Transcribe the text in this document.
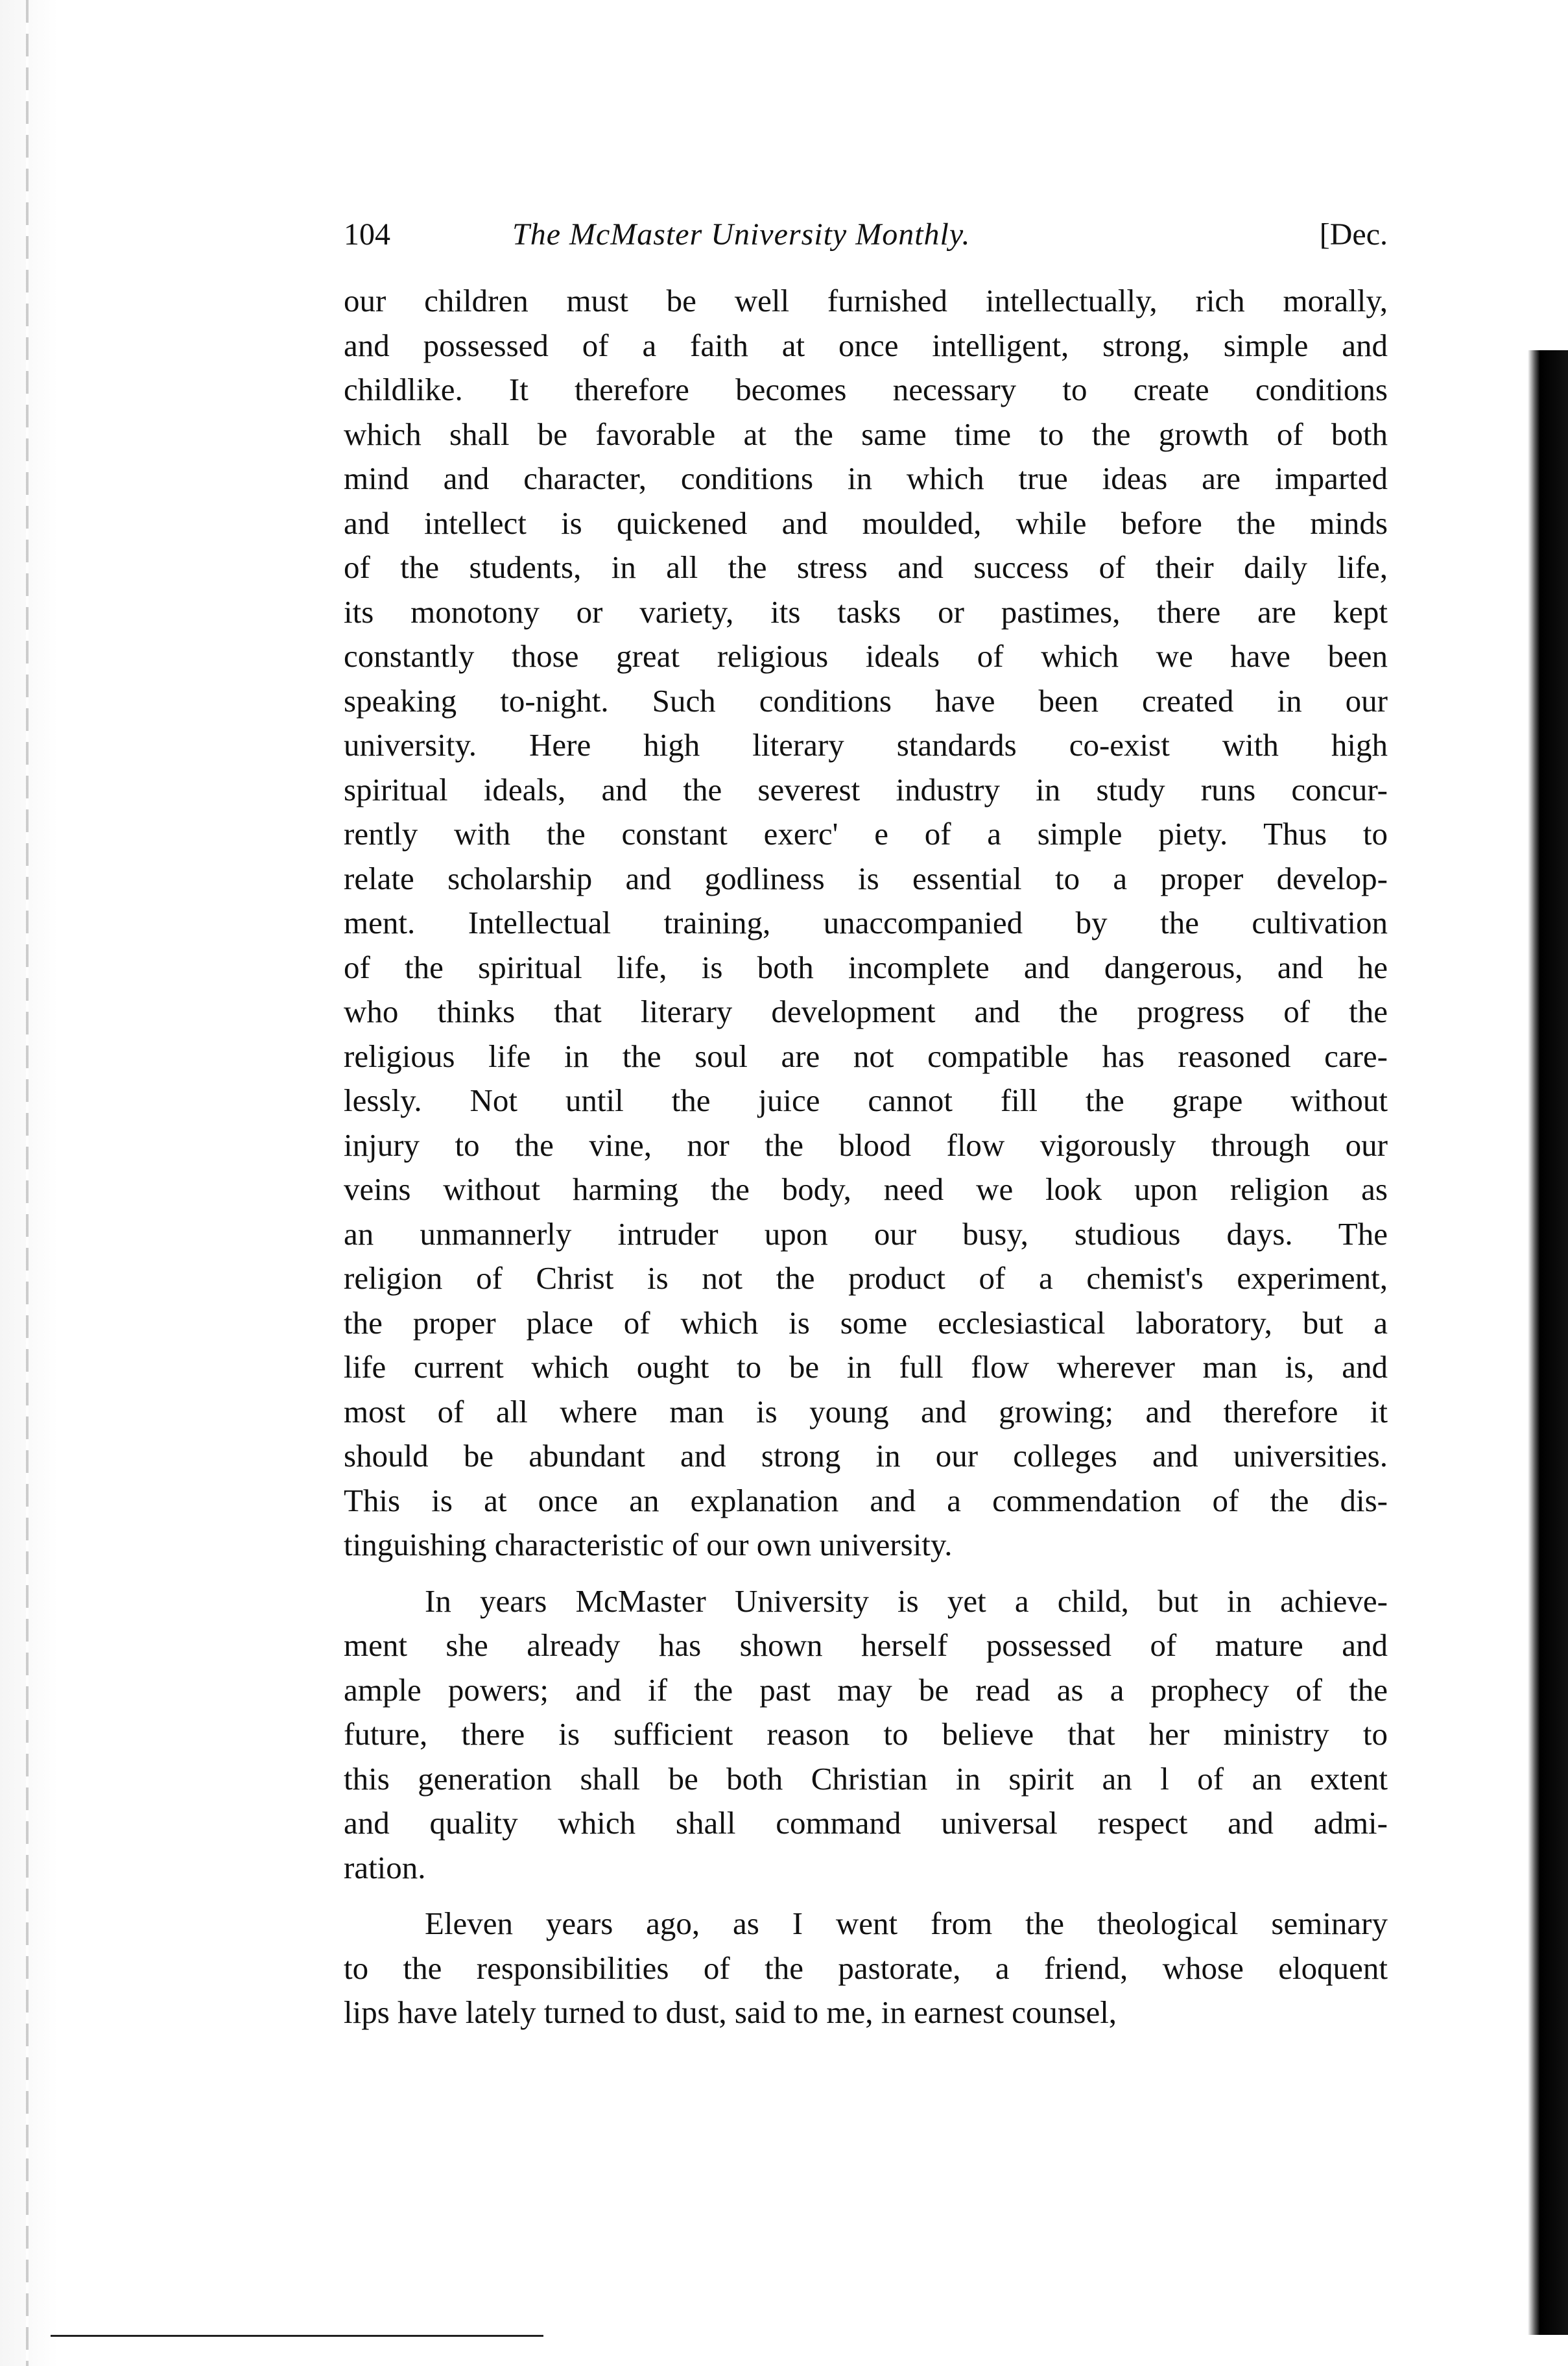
104	The McMaster University Monthly.	[Dec.
our children must be well furnished intellectually, rich morally,
and possessed of a faith at once intelligent, strong, simple and
childlike. It therefore becomes necessary to create conditions
which shall be favorable at the same time to the growth of both
mind and character, conditions in which true ideas are imparted
and intellect is quickened and moulded, while before the minds
of the students, in all the stress and success of their daily life,
its monotony or variety, its tasks or pastimes, there are kept
constantly those great religious ideals of which we have been
speaking to-night. Such conditions have been created in our
university. Here high literary standards co-exist with high
spiritual ideals, and the severest industry in study runs concur-
rently with the constant exerc' e of a simple piety. Thus to
relate scholarship and godliness is essential to a proper develop-
ment. Intellectual training, unaccompanied by the cultivation
of the spiritual life, is both incomplete and dangerous, and he
who thinks that literary development and the progress of the
religious life in the soul are not compatible has reasoned care-
lessly. Not until the juice cannot fill the grape without
injury to the vine, nor the blood flow vigorously through our
veins without harming the body, need we look upon religion as
an unmannerly intruder upon our busy, studious days. The
religion of Christ is not the product of a chemist's experiment,
the proper place of which is some ecclesiastical laboratory, but a
life current which ought to be in full flow wherever man is, and
most of all where man is young and growing; and therefore it
should be abundant and strong in our colleges and universities.
This is at once an explanation and a commendation of the dis-
tinguishing characteristic of our own university.
In years McMaster University is yet a child, but in achieve-
ment she already has shown herself possessed of mature and
ample powers; and if the past may be read as a prophecy of the
future, there is sufficient reason to believe that her ministry to
this generation shall be both Christian in spirit an l of an extent
and quality which shall command universal respect and admi-
ration.
Eleven years ago, as I went from the theological seminary
to the responsibilities of the pastorate, a friend, whose eloquent
lips have lately turned to dust, said to me, in earnest counsel,
